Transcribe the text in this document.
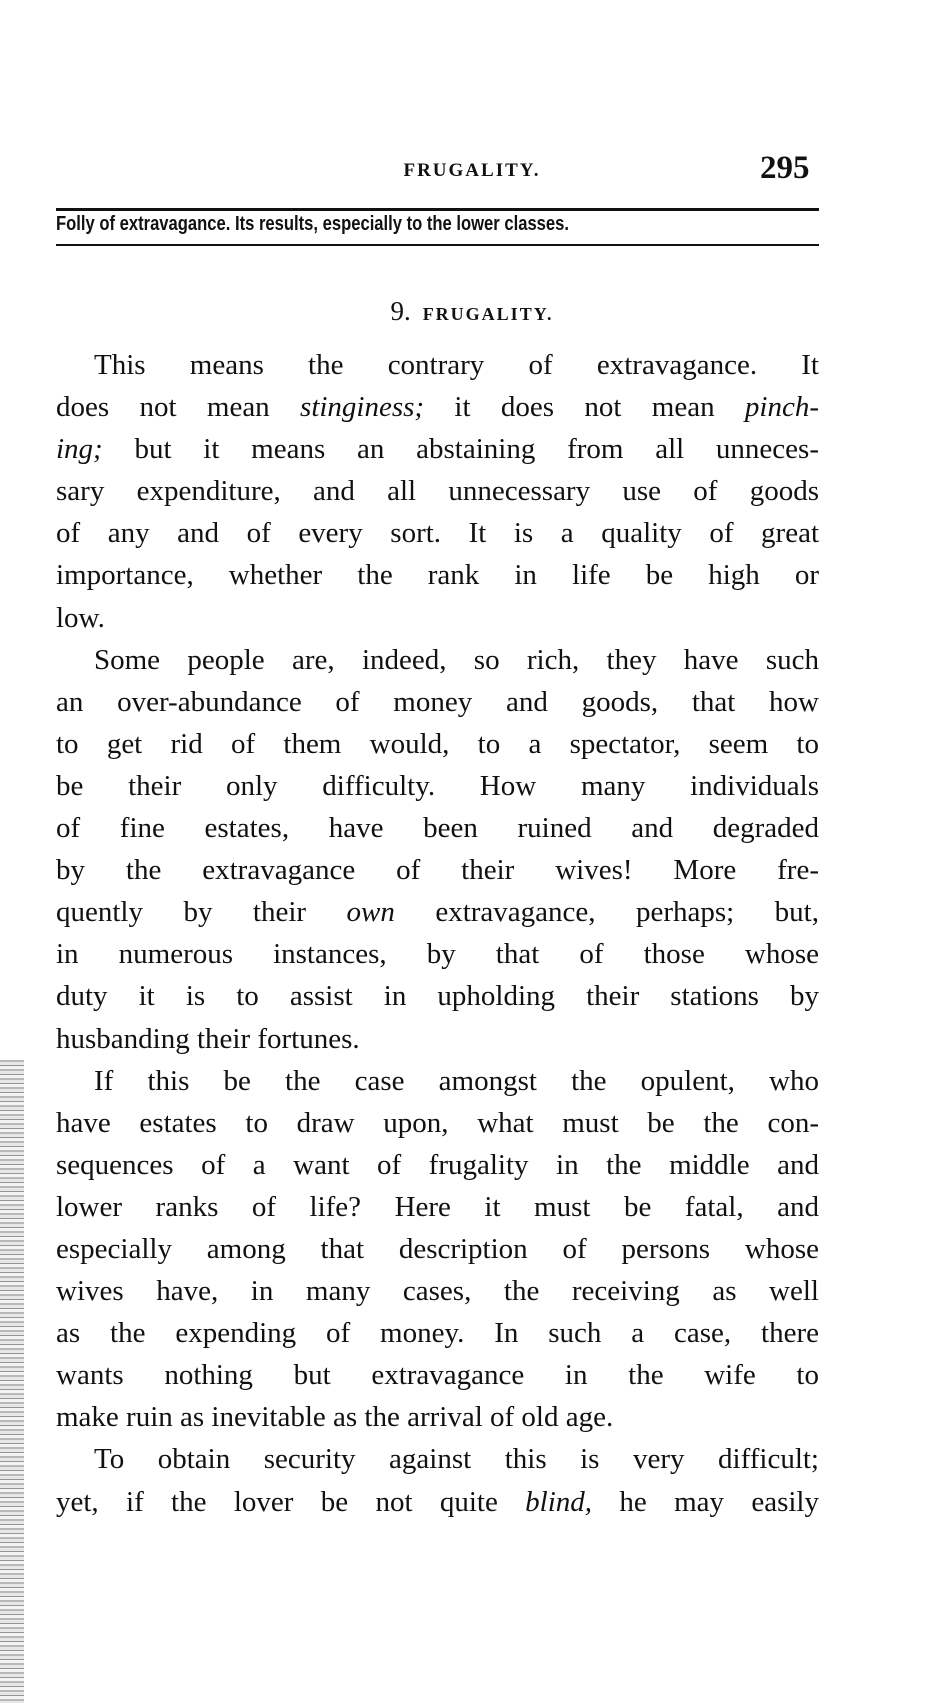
FRUGALITY.	295
Folly of extravagance. Its results, especially to the lower classes.
9. FRUGALITY.
This means the contrary of extravagance. It
does not mean stinginess; it does not mean pinch-
ing; but it means an abstaining from all unneces-
sary expenditure, and all unnecessary use of goods
of any and of every sort. It is a quality of great
importance, whether the rank in life be high or
low.
Some people are, indeed, so rich, they have such
an over-abundance of money and goods, that how
to get rid of them would, to a spectator, seem to
be their only difficulty. How many individuals
of fine estates, have been ruined and degraded
by the extravagance of their wives! More fre-
quently by their own extravagance, perhaps; but,
in numerous instances, by that of those whose
duty it is to assist in upholding their stations by
husbanding their fortunes.
If this be the case amongst the opulent, who
have estates to draw upon, what must be the con-
sequences of a want of frugality in the middle and
lower ranks of life? Here it must be fatal, and
especially among that description of persons whose
wives have, in many cases, the receiving as well
as the expending of money. In such a case, there
wants nothing but extravagance in the wife to
make ruin as inevitable as the arrival of old age.
To obtain security against this is very difficult;
yet, if the lover be not quite blind, he may easily
